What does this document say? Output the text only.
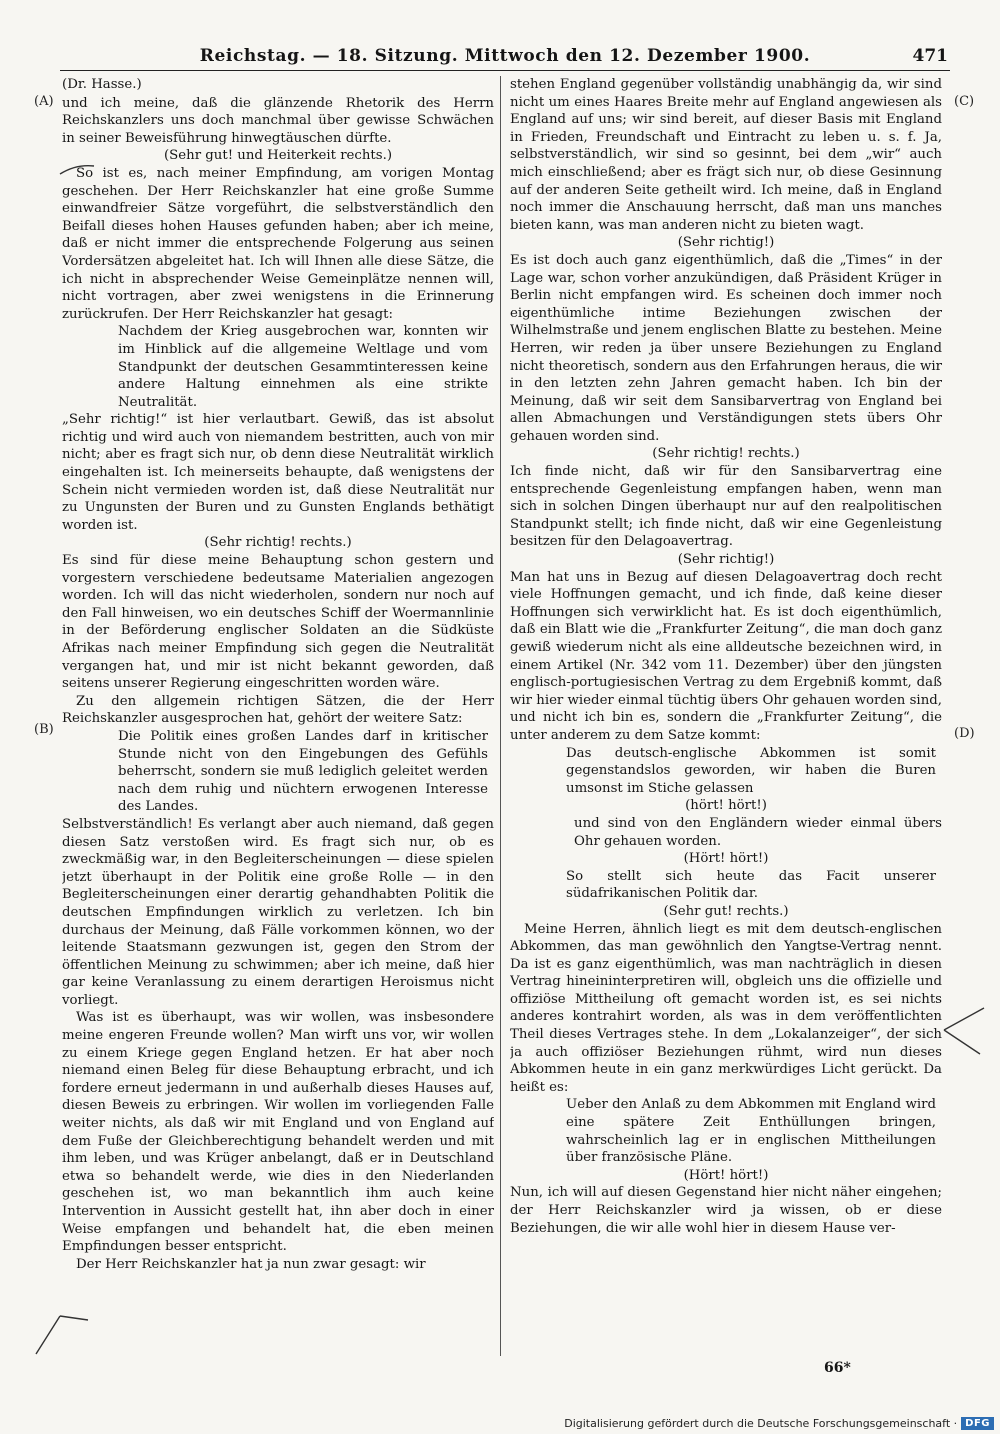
Reichstag. — 18. Sitzung. Mittwoch den 12. Dezember 1900.	471
(A)
(B)
(C)
(D)

(Dr. Hasse.)

und ich meine, daß die glänzende Rhetorik des Herrn Reichskanzlers uns doch manchmal über gewisse Schwächen in seiner Beweisführung hinwegtäuschen dürfte.

(Sehr gut! und Heiterkeit rechts.)

So ist es, nach meiner Empfindung, am vorigen Montag geschehen. Der Herr Reichskanzler hat eine große Summe einwandfreier Sätze vorgeführt, die selbstverständlich den Beifall dieses hohen Hauses gefunden haben; aber ich meine, daß er nicht immer die entsprechende Folgerung aus seinen Vordersätzen abgeleitet hat. Ich will Ihnen alle diese Sätze, die ich nicht in absprechender Weise Gemeinplätze nennen will, nicht vortragen, aber zwei wenigstens in die Erinnerung zurückrufen. Der Herr Reichskanzler hat gesagt:

Nachdem der Krieg ausgebrochen war, konnten wir im Hinblick auf die allgemeine Weltlage und vom Standpunkt der deutschen Gesammtinteressen keine andere Haltung einnehmen als eine strikte Neutralität.

„Sehr richtig!“ ist hier verlautbart. Gewiß, das ist absolut richtig und wird auch von niemandem bestritten, auch von mir nicht; aber es fragt sich nur, ob denn diese Neutralität wirklich eingehalten ist. Ich meinerseits behaupte, daß wenigstens der Schein nicht vermieden worden ist, daß diese Neutralität nur zu Ungunsten der Buren und zu Gunsten Englands bethätigt worden ist.

(Sehr richtig! rechts.)

Es sind für diese meine Behauptung schon gestern und vorgestern verschiedene bedeutsame Materialien angezogen worden. Ich will das nicht wiederholen, sondern nur noch auf den Fall hinweisen, wo ein deutsches Schiff der Woermannlinie in der Beförderung englischer Soldaten an die Südküste Afrikas nach meiner Empfindung sich gegen die Neutralität vergangen hat, und mir ist nicht bekannt geworden, daß seitens unserer Regierung eingeschritten worden wäre.

Zu den allgemein richtigen Sätzen, die der Herr Reichskanzler ausgesprochen hat, gehört der weitere Satz:

Die Politik eines großen Landes darf in kritischer Stunde nicht von den Eingebungen des Gefühls beherrscht, sondern sie muß lediglich geleitet werden nach dem ruhig und nüchtern erwogenen Interesse des Landes.

Selbstverständlich! Es verlangt aber auch niemand, daß gegen diesen Satz verstoßen wird. Es fragt sich nur, ob es zweckmäßig war, in den Begleiterscheinungen — diese spielen jetzt überhaupt in der Politik eine große Rolle — in den Begleiterscheinungen einer derartig gehandhabten Politik die deutschen Empfindungen wirklich zu verletzen. Ich bin durchaus der Meinung, daß Fälle vorkommen können, wo der leitende Staatsmann gezwungen ist, gegen den Strom der öffentlichen Meinung zu schwimmen; aber ich meine, daß hier gar keine Veranlassung zu einem derartigen Heroismus nicht vorliegt.

Was ist es überhaupt, was wir wollen, was insbesondere meine engeren Freunde wollen? Man wirft uns vor, wir wollen zu einem Kriege gegen England hetzen. Er hat aber noch niemand einen Beleg für diese Behauptung erbracht, und ich fordere erneut jedermann in und außerhalb dieses Hauses auf, diesen Beweis zu erbringen. Wir wollen im vorliegenden Falle weiter nichts, als daß wir mit England und von England auf dem Fuße der Gleichberechtigung behandelt werden und mit ihm leben, und was Krüger anbelangt, daß er in Deutschland etwa so behandelt werde, wie dies in den Niederlanden geschehen ist, wo man bekanntlich ihm auch keine Intervention in Aussicht gestellt hat, ihn aber doch in einer Weise empfangen und behandelt hat, die eben meinen Empfindungen besser entspricht.

Der Herr Reichskanzler hat ja nun zwar gesagt: wir

stehen England gegenüber vollständig unabhängig da, wir sind nicht um eines Haares Breite mehr auf England angewiesen als England auf uns; wir sind bereit, auf dieser Basis mit England in Frieden, Freundschaft und Eintracht zu leben u. s. f. Ja, selbstverständlich, wir sind so gesinnt, bei dem „wir“ auch mich einschließend; aber es frägt sich nur, ob diese Gesinnung auf der anderen Seite getheilt wird. Ich meine, daß in England noch immer die Anschauung herrscht, daß man uns manches bieten kann, was man anderen nicht zu bieten wagt.

(Sehr richtig!)

Es ist doch auch ganz eigenthümlich, daß die „Times“ in der Lage war, schon vorher anzukündigen, daß Präsident Krüger in Berlin nicht empfangen wird. Es scheinen doch immer noch eigenthümliche intime Beziehungen zwischen der Wilhelmstraße und jenem englischen Blatte zu bestehen. Meine Herren, wir reden ja über unsere Beziehungen zu England nicht theoretisch, sondern aus den Erfahrungen heraus, die wir in den letzten zehn Jahren gemacht haben. Ich bin der Meinung, daß wir seit dem Sansibarvertrag von England bei allen Abmachungen und Verständigungen stets übers Ohr gehauen worden sind.

(Sehr richtig! rechts.)

Ich finde nicht, daß wir für den Sansibarvertrag eine entsprechende Gegenleistung empfangen haben, wenn man sich in solchen Dingen überhaupt nur auf den realpolitischen Standpunkt stellt; ich finde nicht, daß wir eine Gegenleistung besitzen für den Delagoavertrag.

(Sehr richtig!)

Man hat uns in Bezug auf diesen Delagoavertrag doch recht viele Hoffnungen gemacht, und ich finde, daß keine dieser Hoffnungen sich verwirklicht hat. Es ist doch eigenthümlich, daß ein Blatt wie die „Frankfurter Zeitung“, die man doch ganz gewiß wiederum nicht als eine alldeutsche bezeichnen wird, in einem Artikel (Nr. 342 vom 11. Dezember) über den jüngsten englisch-portugiesischen Vertrag zu dem Ergebniß kommt, daß wir hier wieder einmal tüchtig übers Ohr gehauen worden sind, und nicht ich bin es, sondern die „Frankfurter Zeitung“, die unter anderem zu dem Satze kommt:

Das deutsch-englische Abkommen ist somit gegenstandslos geworden, wir haben die Buren umsonst im Stiche gelassen

(hört! hört!)

und sind von den Engländern wieder einmal übers Ohr gehauen worden.

(Hört! hört!)

So stellt sich heute das Facit unserer südafrikanischen Politik dar.

(Sehr gut! rechts.)

Meine Herren, ähnlich liegt es mit dem deutsch-englischen Abkommen, das man gewöhnlich den Yangtse-Vertrag nennt. Da ist es ganz eigenthümlich, was man nachträglich in diesen Vertrag hineininterpretiren will, obgleich uns die offizielle und offiziöse Mittheilung oft gemacht worden ist, es sei nichts anderes kontrahirt worden, als was in dem veröffentlichten Theil dieses Vertrages stehe. In dem „Lokalanzeiger“, der sich ja auch offiziöser Beziehungen rühmt, wird nun dieses Abkommen heute in ein ganz merkwürdiges Licht gerückt. Da heißt es:

Ueber den Anlaß zu dem Abkommen mit England wird eine spätere Zeit Enthüllungen bringen, wahrscheinlich lag er in englischen Mittheilungen über französische Pläne.

(Hört! hört!)

Nun, ich will auf diesen Gegenstand hier nicht näher eingehen; der Herr Reichskanzler wird ja wissen, ob er diese Beziehungen, die wir alle wohl hier in diesem Hause ver-

66*
Digitalisierung gefördert durch die Deutsche Forschungsgemeinschaft · DFG
